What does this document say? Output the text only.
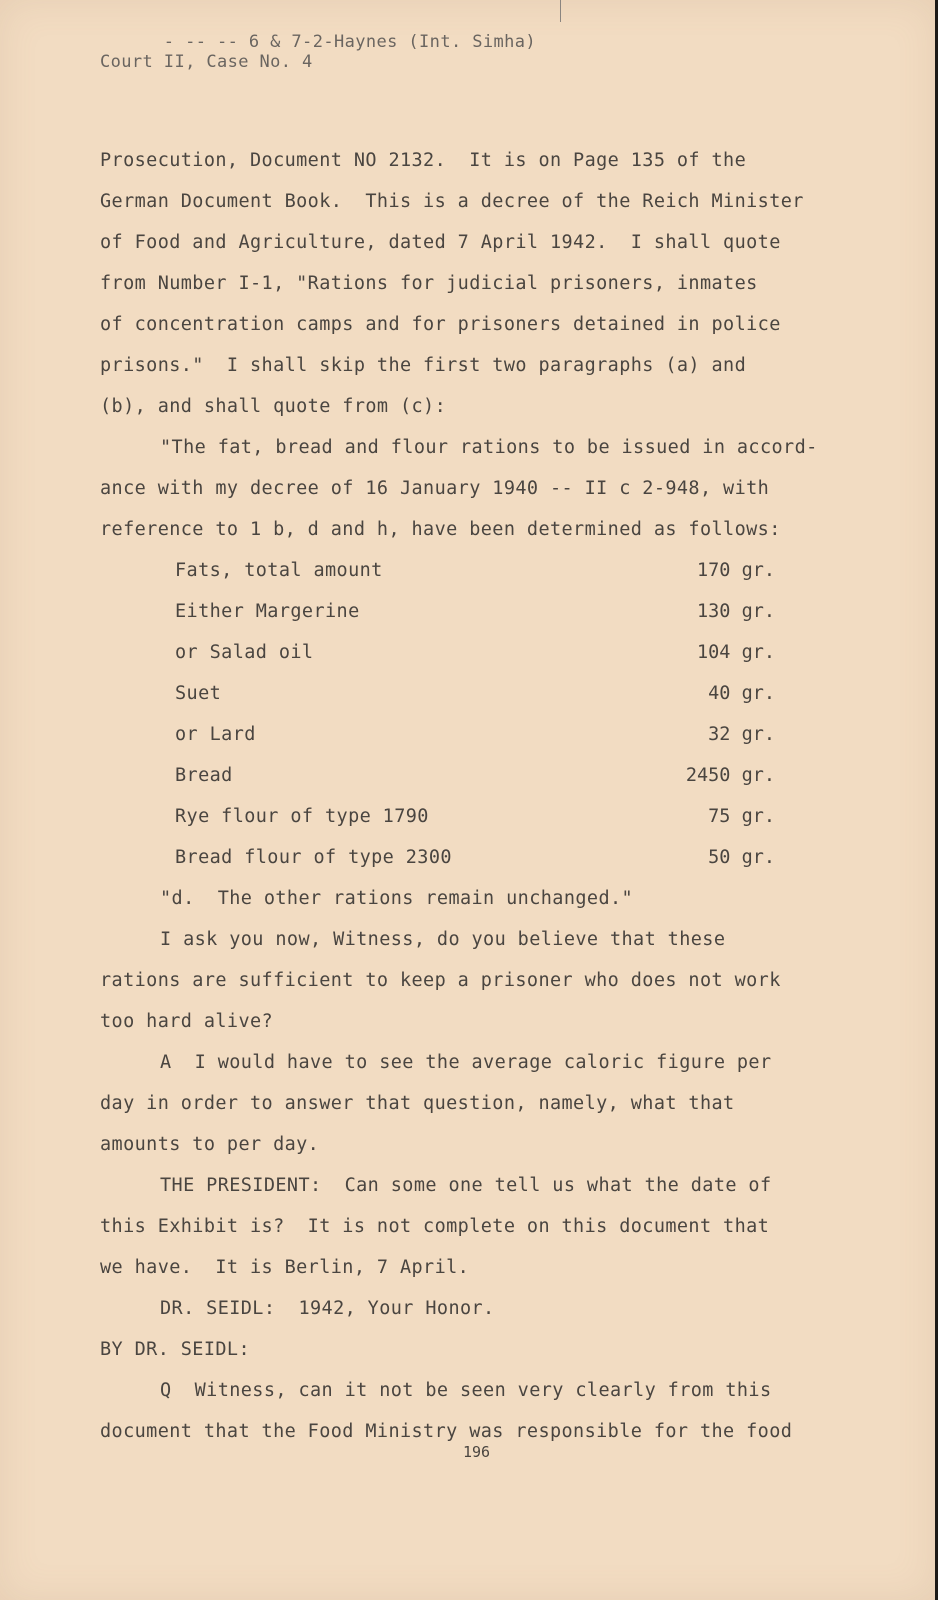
- -- -- 6 & 7-2-Haynes (Int. Simha)
Court II, Case No. 4
Prosecution, Document NO 2132.  It is on Page 135 of the
German Document Book.  This is a decree of the Reich Minister
of Food and Agriculture, dated 7 April 1942.  I shall quote
from Number I-1, "Rations for judicial prisoners, inmates
of concentration camps and for prisoners detained in police
prisons."  I shall skip the first two paragraphs (a) and
(b), and shall quote from (c):
"The fat, bread and flour rations to be issued in accord-
ance with my decree of 16 January 1940 -- II c 2-948, with
reference to 1 b, d and h, have been determined as follows:
Fats, total amount	170 gr.
Either Margerine	130 gr.
or Salad oil	104 gr.
Suet	40 gr.
or Lard	32 gr.
Bread	2450 gr.
Rye flour of type 1790	75 gr.
Bread flour of type 2300	50 gr.
"d.  The other rations remain unchanged."
I ask you now, Witness, do you believe that these
rations are sufficient to keep a prisoner who does not work
too hard alive?
A  I would have to see the average caloric figure per
day in order to answer that question, namely, what that
amounts to per day.
THE PRESIDENT:  Can some one tell us what the date of
this Exhibit is?  It is not complete on this document that
we have.  It is Berlin, 7 April.
DR. SEIDL:  1942, Your Honor.
BY DR. SEIDL:
Q  Witness, can it not be seen very clearly from this
document that the Food Ministry was responsible for the food
196
